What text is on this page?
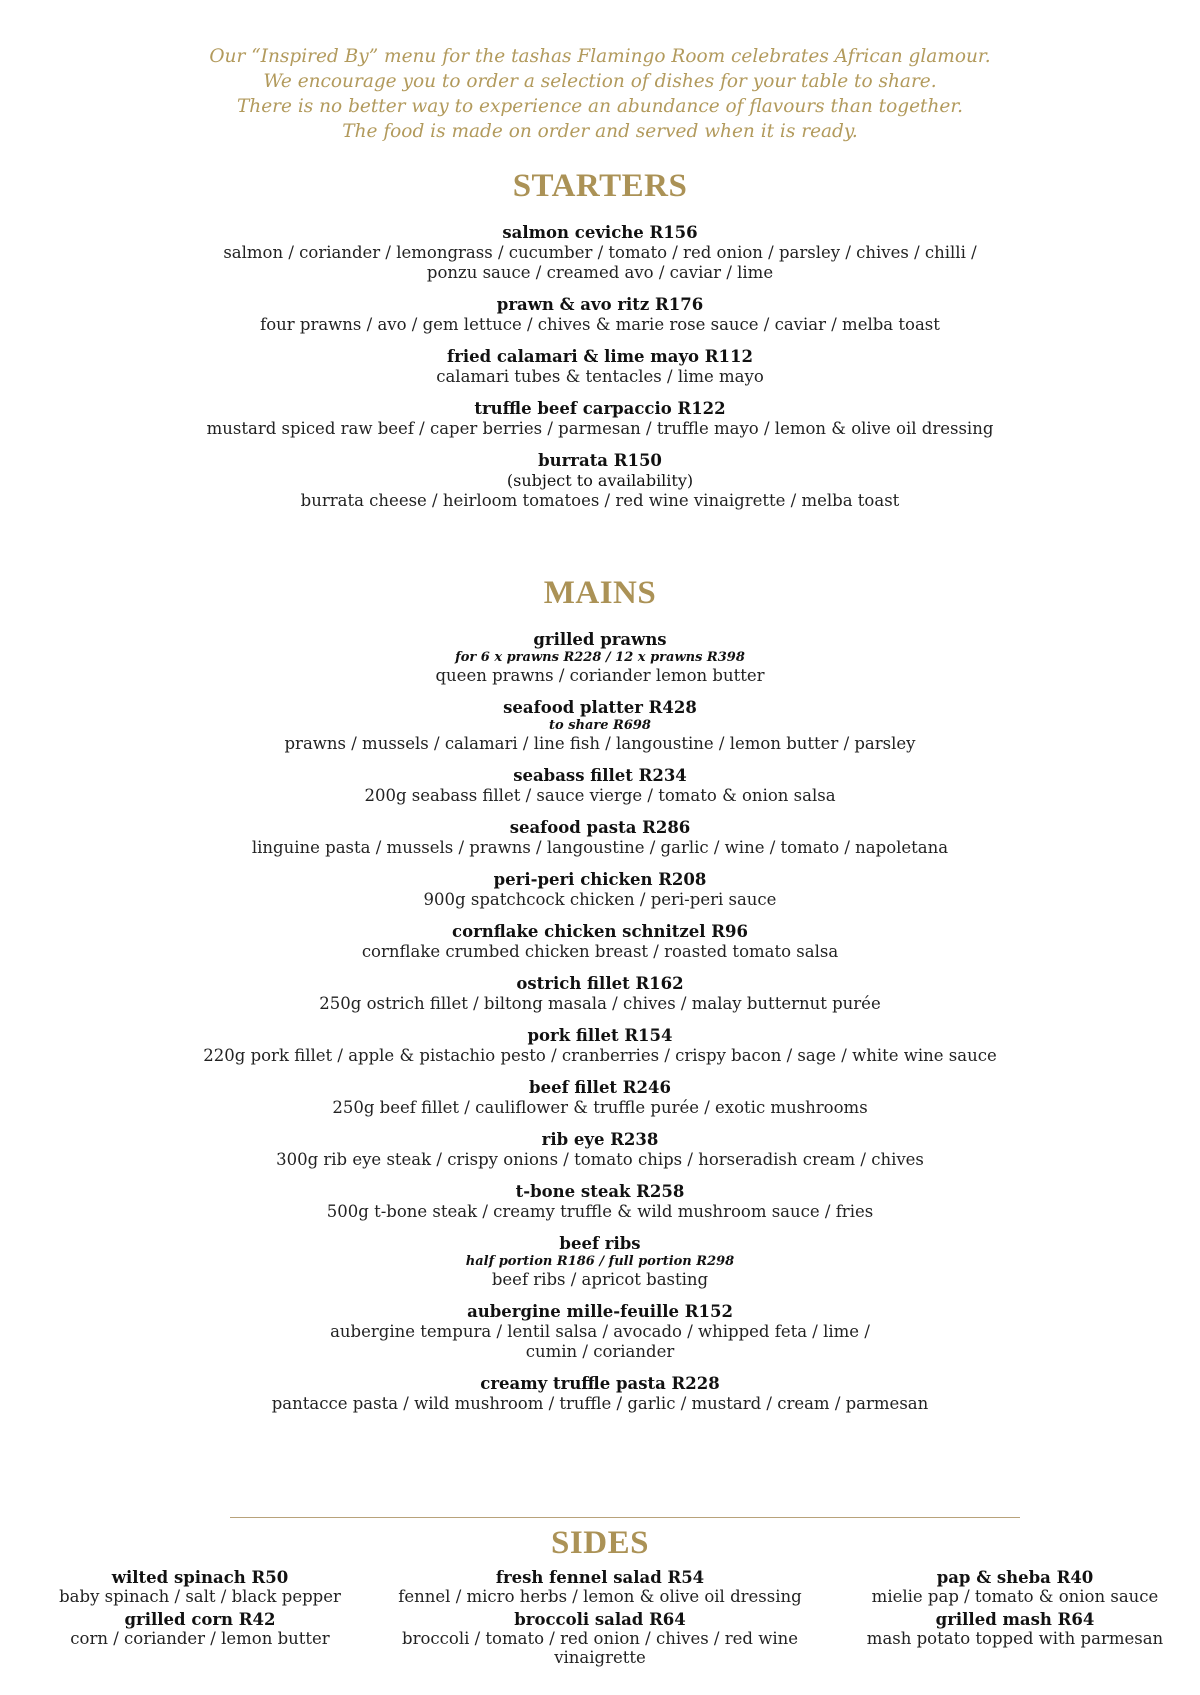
Our “Inspired By” menu for the tashas Flamingo Room celebrates African glamour.
We encourage you to order a selection of dishes for your table to share.
There is no better way to experience an abundance of flavours than together.
The food is made on order and served when it is ready.
STARTERS
salmon ceviche R156
salmon / coriander / lemongrass / cucumber / tomato / red onion / parsley / chives / chilli /
ponzu sauce / creamed avo / caviar / lime
prawn & avo ritz R176
four prawns / avo / gem lettuce / chives & marie rose sauce / caviar / melba toast
fried calamari & lime mayo R112
calamari tubes & tentacles / lime mayo
truffle beef carpaccio R122
mustard spiced raw beef / caper berries / parmesan / truffle mayo / lemon & olive oil dressing
burrata R150
(subject to availability)
burrata cheese / heirloom tomatoes / red wine vinaigrette / melba toast
MAINS
grilled prawns
for 6 x prawns R228 / 12 x prawns R398
queen prawns / coriander lemon butter
seafood platter R428
to share R698
prawns / mussels / calamari / line fish / langoustine / lemon butter / parsley
seabass fillet R234
200g seabass fillet / sauce vierge / tomato & onion salsa
seafood pasta R286
linguine pasta / mussels / prawns / langoustine / garlic / wine / tomato / napoletana
peri-peri chicken R208
900g spatchcock chicken / peri-peri sauce
cornflake chicken schnitzel R96
cornflake crumbed chicken breast / roasted tomato salsa
ostrich fillet R162
250g ostrich fillet / biltong masala / chives / malay butternut purée
pork fillet R154
220g pork fillet / apple & pistachio pesto / cranberries / crispy bacon / sage / white wine sauce
beef fillet R246
250g beef fillet / cauliflower & truffle purée / exotic mushrooms
rib eye R238
300g rib eye steak / crispy onions / tomato chips / horseradish cream / chives
t-bone steak R258
500g t-bone steak / creamy truffle & wild mushroom sauce / fries
beef ribs
half portion R186 / full portion R298
beef ribs / apricot basting
aubergine mille-feuille R152
aubergine tempura / lentil salsa / avocado / whipped feta / lime /
cumin / coriander
creamy truffle pasta R228
pantacce pasta / wild mushroom / truffle / garlic / mustard / cream / parmesan
SIDES
wilted spinach R50
baby spinach / salt / black pepper
grilled corn R42
corn / coriander / lemon butter
fresh fennel salad R54
fennel / micro herbs / lemon & olive oil dressing
broccoli salad R64
broccoli / tomato / red onion / chives / red wine
vinaigrette
pap & sheba R40
mielie pap / tomato & onion sauce
grilled mash R64
mash potato topped with parmesan
